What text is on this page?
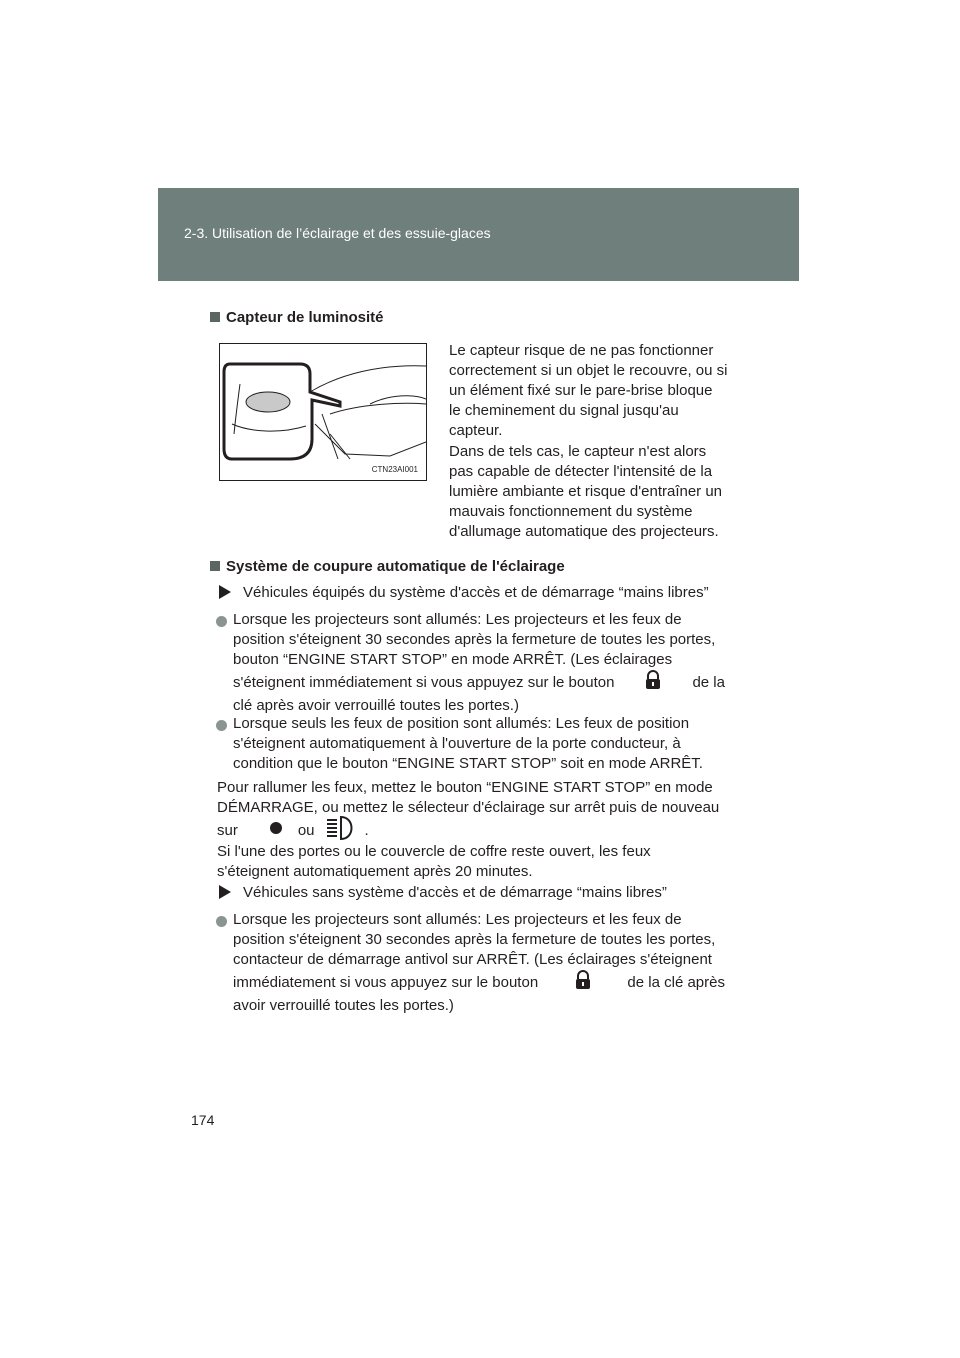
2-3. Utilisation de l’éclairage et des essuie-glaces
Capteur de luminosité
CTN23AI001
Le capteur risque de ne pas fonctionner
correctement si un objet le recouvre, ou si
un élément fixé sur le pare-brise bloque
le cheminement du signal jusqu'au
capteur.
Dans de tels cas, le capteur n'est alors
pas capable de détecter l'intensité de la
lumière ambiante et risque d'entraîner un
mauvais fonctionnement du système
d'allumage automatique des projecteurs.
Système de coupure automatique de l'éclairage
Véhicules équipés du système d'accès et de démarrage “mains libres”
Lorsque les projecteurs sont allumés: Les projecteurs et les feux de
position s'éteignent 30 secondes après la fermeture de toutes les portes,
bouton “ENGINE START STOP” en mode ARRÊT. (Les éclairages
s'éteignent immédiatement si vous appuyez sur le bouton	de la
clé après avoir verrouillé toutes les portes.)
Lorsque seuls les feux de position sont allumés: Les feux de position
s'éteignent automatiquement à l'ouverture de la porte conducteur, à
condition que le bouton “ENGINE START STOP” soit en mode ARRÊT.
Pour rallumer les feux, mettez le bouton “ENGINE START STOP” en mode
DÉMARRAGE, ou mettez le sélecteur d'éclairage sur arrêt puis de nouveau
sur	ou	.
Si l'une des portes ou le couvercle de coffre reste ouvert, les feux
s'éteignent automatiquement après 20 minutes.
Véhicules sans système d'accès et de démarrage “mains libres”
Lorsque les projecteurs sont allumés: Les projecteurs et les feux de
position s'éteignent 30 secondes après la fermeture de toutes les portes,
contacteur de démarrage antivol sur ARRÊT. (Les éclairages s'éteignent
immédiatement si vous appuyez sur le bouton	de la clé après
avoir verrouillé toutes les portes.)
174
